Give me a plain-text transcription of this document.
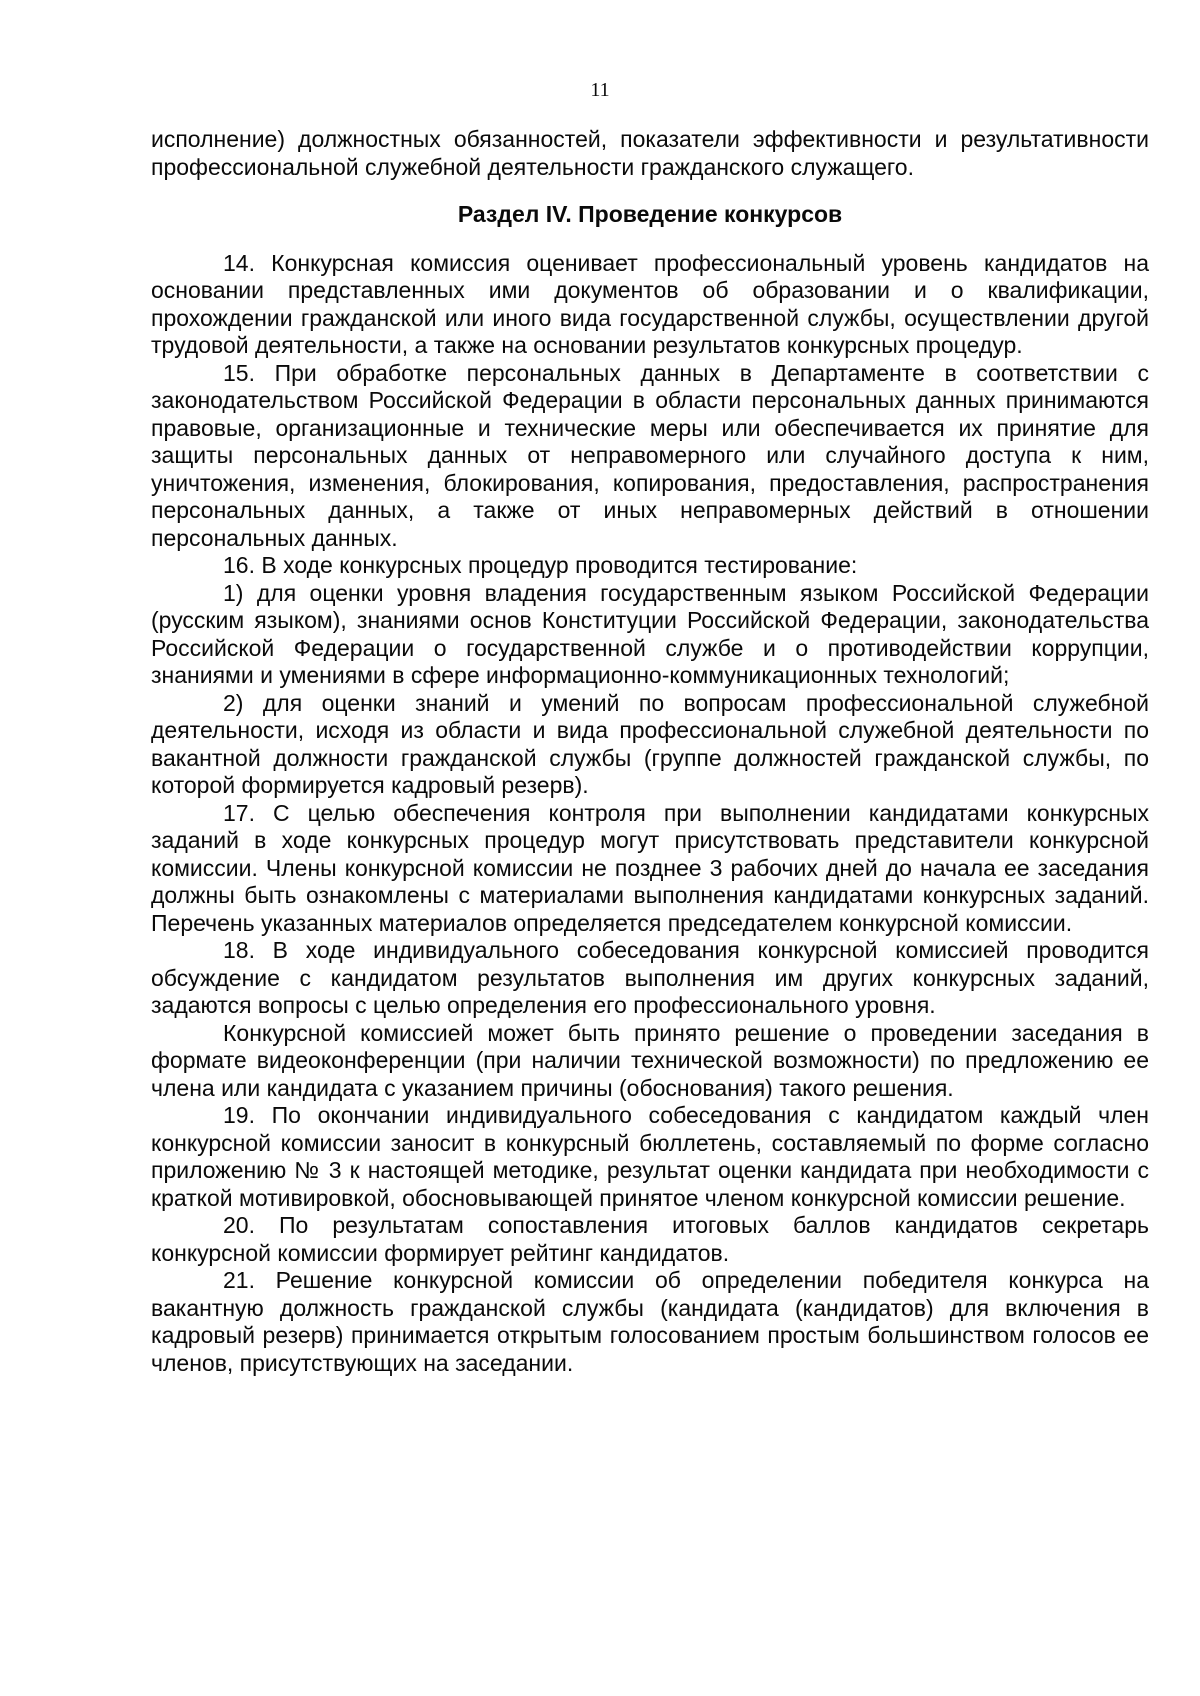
11

исполнение) должностных обязанностей, показатели эффективности и результативности профессиональной служебной деятельности гражданского служащего.

Раздел IV. Проведение конкурсов

14. Конкурсная комиссия оценивает профессиональный уровень кандидатов на основании представленных ими документов об образовании и о квалификации, прохождении гражданской или иного вида государственной службы, осуществлении другой трудовой деятельности, а также на основании результатов конкурсных процедур.

15. При обработке персональных данных в Департаменте в соответствии с законодательством Российской Федерации в области персональных данных принимаются правовые, организационные и технические меры или обеспечивается их принятие для защиты персональных данных от неправомерного или случайного доступа к ним, уничтожения, изменения, блокирования, копирования, предоставления, распространения персональных данных, а также от иных неправомерных действий в отношении персональных данных.

16. В ходе конкурсных процедур проводится тестирование:

1) для оценки уровня владения государственным языком Российской Федерации (русским языком), знаниями основ Конституции Российской Федерации, законодательства Российской Федерации о государственной службе и о противодействии коррупции, знаниями и умениями в сфере информационно-коммуникационных технологий;

2) для оценки знаний и умений по вопросам профессиональной служебной деятельности, исходя из области и вида профессиональной служебной деятельности по вакантной должности гражданской службы (группе должностей гражданской службы, по которой формируется кадровый резерв).

17. С целью обеспечения контроля при выполнении кандидатами конкурсных заданий в ходе конкурсных процедур могут присутствовать представители конкурсной комиссии. Члены конкурсной комиссии не позднее 3 рабочих дней до начала ее заседания должны быть ознакомлены с материалами выполнения кандидатами конкурсных заданий. Перечень указанных материалов определяется председателем конкурсной комиссии.

18. В ходе индивидуального собеседования конкурсной комиссией проводится обсуждение с кандидатом результатов выполнения им других конкурсных заданий, задаются вопросы с целью определения его профессионального уровня.

Конкурсной комиссией может быть принято решение о проведении заседания в формате видеоконференции (при наличии технической возможности) по предложению ее члена или кандидата с указанием причины (обоснования) такого решения.

19. По окончании индивидуального собеседования с кандидатом каждый член конкурсной комиссии заносит в конкурсный бюллетень, составляемый по форме согласно приложению № 3 к настоящей методике, результат оценки кандидата при необходимости с краткой мотивировкой, обосновывающей принятое членом конкурсной комиссии решение.

20. По результатам сопоставления итоговых баллов кандидатов секретарь конкурсной комиссии формирует рейтинг кандидатов.

21. Решение конкурсной комиссии об определении победителя конкурса на вакантную должность гражданской службы (кандидата (кандидатов) для включения в кадровый резерв) принимается открытым голосованием простым большинством голосов ее членов, присутствующих на заседании.
